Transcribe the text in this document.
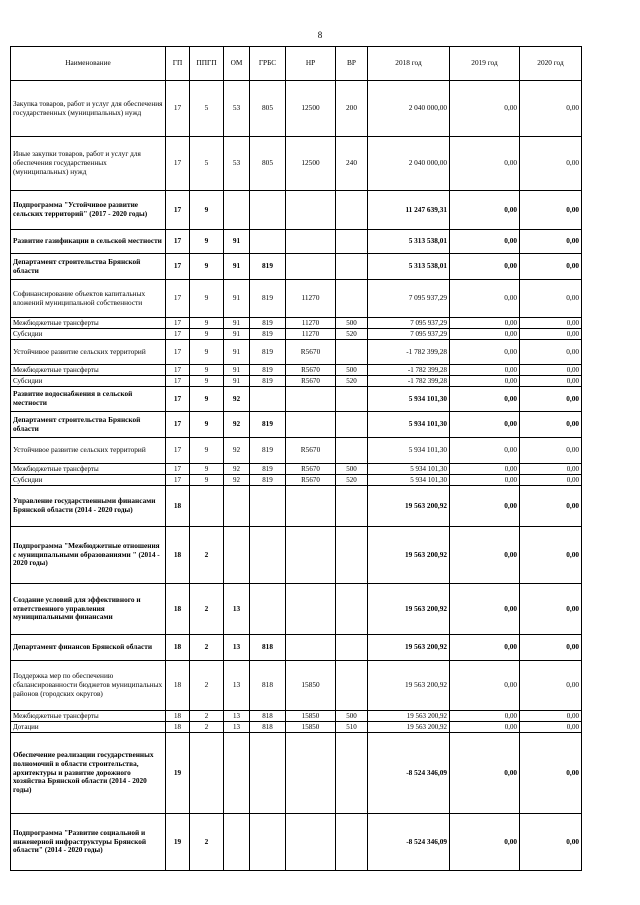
8
Наименование	ГП	ППГП	ОМ	ГРБС	НР	ВР	2018 год	2019 год	2020 год
Закупка товаров, работ и услуг для обеспечения государственных (муниципальных) нужд	17	5	53	805	12500	200	2 040 000,00	0,00	0,00
Иные закупки товаров, работ и услуг для обеспечения государственных (муниципальных) нужд	17	5	53	805	12500	240	2 040 000,00	0,00	0,00
Подпрограмма "Устойчивое развитие сельских территорий" (2017 - 2020 годы)	17	9					11 247 639,31	0,00	0,00
Развитие газификации в сельской местности	17	9	91				5 313 538,01	0,00	0,00
Департамент строительства Брянской области	17	9	91	819			5 313 538,01	0,00	0,00
Софинансирование объектов капитальных вложений муниципальной собственности	17	9	91	819	11270		7 095 937,29	0,00	0,00
Межбюджетные трансферты	17	9	91	819	11270	500	7 095 937,29	0,00	0,00
Субсидии	17	9	91	819	11270	520	7 095 937,29	0,00	0,00
Устойчивое развитие сельских территорий	17	9	91	819	R5670		-1 782 399,28	0,00	0,00
Межбюджетные трансферты	17	9	91	819	R5670	500	-1 782 399,28	0,00	0,00
Субсидии	17	9	91	819	R5670	520	-1 782 399,28	0,00	0,00
Развитие водоснабжения в сельской местности	17	9	92				5 934 101,30	0,00	0,00
Департамент строительства Брянской области	17	9	92	819			5 934 101,30	0,00	0,00
Устойчивое развитие сельских территорий	17	9	92	819	R5670		5 934 101,30	0,00	0,00
Межбюджетные трансферты	17	9	92	819	R5670	500	5 934 101,30	0,00	0,00
Субсидии	17	9	92	819	R5670	520	5 934 101,30	0,00	0,00
Управление государственными финансами Брянской области (2014 - 2020 годы)	18						19 563 200,92	0,00	0,00
Подпрограмма "Межбюджетные отношения с муниципальными образованиями " (2014 - 2020 годы)	18	2					19 563 200,92	0,00	0,00
Создание условий для эффективного и ответственного управления муниципальными финансами	18	2	13				19 563 200,92	0,00	0,00
Департамент финансов Брянской области	18	2	13	818			19 563 200,92	0,00	0,00
Поддержка мер по обеспечению сбалансированности бюджетов муниципальных районов (городских округов)	18	2	13	818	15850		19 563 200,92	0,00	0,00
Межбюджетные трансферты	18	2	13	818	15850	500	19 563 200,92	0,00	0,00
Дотации	18	2	13	818	15850	510	19 563 200,92	0,00	0,00
Обеспечение реализации государственных полномочий в области строительства, архитектуры и развитие дорожного хозяйства Брянской области (2014 - 2020 годы)	19						-8 524 346,09	0,00	0,00
Подпрограмма "Развитие социальной и инженерной инфраструктуры Брянской области" (2014 - 2020 годы)	19	2					-8 524 346,09	0,00	0,00
